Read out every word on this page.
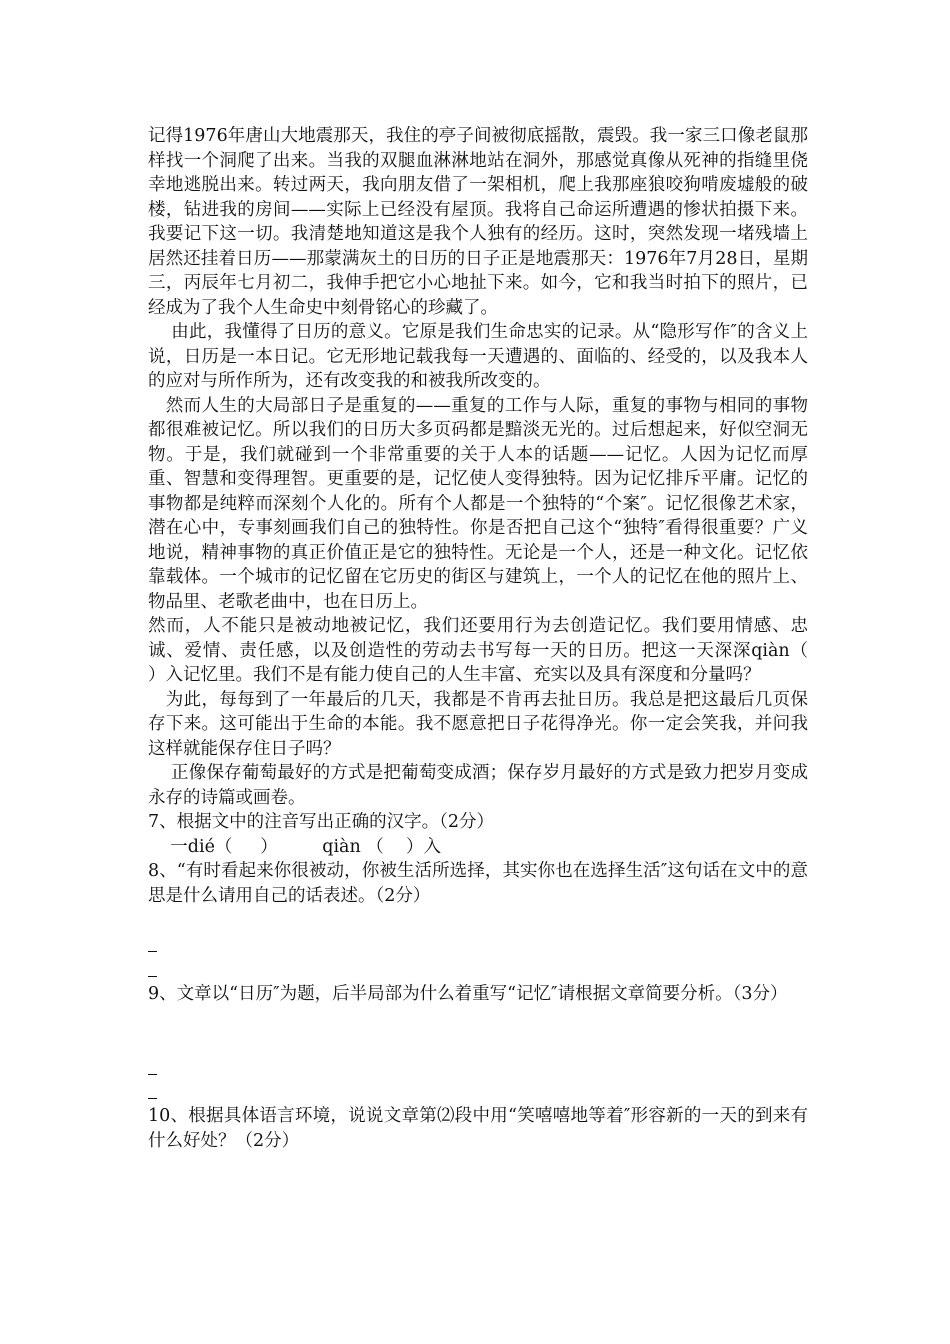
记得1976年唐山大地震那天，我住的亭子间被彻底摇散，震毁。我一家三口像老鼠那样找一个洞爬了出来。当我的双腿血淋淋地站在洞外，那感觉真像从死神的指缝里侥幸地逃脱出来。转过两天，我向朋友借了一架相机，爬上我那座狼咬狗啃废墟般的破楼，钻进我的房间——实际上已经没有屋顶。我将自己命运所遭遇的惨状拍摄下来。我要记下这一切。我清楚地知道这是我个人独有的经历。这时，突然发现一堵残墙上居然还挂着日历——那蒙满灰土的日历的日子正是地震那天：1976年7月28日，星期三，丙辰年七月初二，我伸手把它小心地扯下来。如今，它和我当时拍下的照片，已经成为了我个人生命史中刻骨铭心的珍藏了。

由此，我懂得了日历的意义。它原是我们生命忠实的记录。从“隐形写作″的含义上说，日历是一本日记。它无形地记载我每一天遭遇的、面临的、经受的，以及我本人的应对与所作所为，还有改变我的和被我所改变的。

然而人生的大局部日子是重复的——重复的工作与人际，重复的事物与相同的事物都很难被记忆。所以我们的日历大多页码都是黯淡无光的。过后想起来，好似空洞无物。于是，我们就碰到一个非常重要的关于人本的话题——记忆。人因为记忆而厚重、智慧和变得理智。更重要的是，记忆使人变得独特。因为记忆排斥平庸。记忆的事物都是纯粹而深刻个人化的。所有个人都是一个独特的“个案″。记忆很像艺术家，潜在心中，专事刻画我们自己的独特性。你是否把自己这个“独特″看得很重要？广义地说，精神事物的真正价值正是它的独特性。无论是一个人，还是一种文化。记忆依靠载体。一个城市的记忆留在它历史的街区与建筑上，一个人的记忆在他的照片上、物品里、老歌老曲中，也在日历上。

然而，人不能只是被动地被记忆，我们还要用行为去创造记忆。我们要用情感、忠诚、爱情、责任感，以及创造性的劳动去书写每一天的日历。把这一天深深qiàn（    ）入记忆里。我们不是有能力使自己的人生丰富、充实以及具有深度和分量吗？

为此，每每到了一年最后的几天，我都是不肯再去扯日历。我总是把这最后几页保存下来。这可能出于生命的本能。我不愿意把日子花得净光。你一定会笑我，并问我这样就能保存住日子吗？

正像保存葡萄最好的方式是把葡萄变成酒；保存岁月最好的方式是致力把岁月变成永存的诗篇或画卷。

7、根据文中的注音写出正确的汉字。（2分）

一dié（     ）        qiàn （    ）入

8、“有时看起来你很被动，你被生活所选择，其实你也在选择生活″这句话在文中的意思是什么请用自己的话表述。（2分）

9、文章以“日历″为题，后半局部为什么着重写“记忆″请根据文章简要分析。（3分）

10、根据具体语言环境，说说文章第⑵段中用“笑嘻嘻地等着″形容新的一天的到来有什么好处？（2分）
